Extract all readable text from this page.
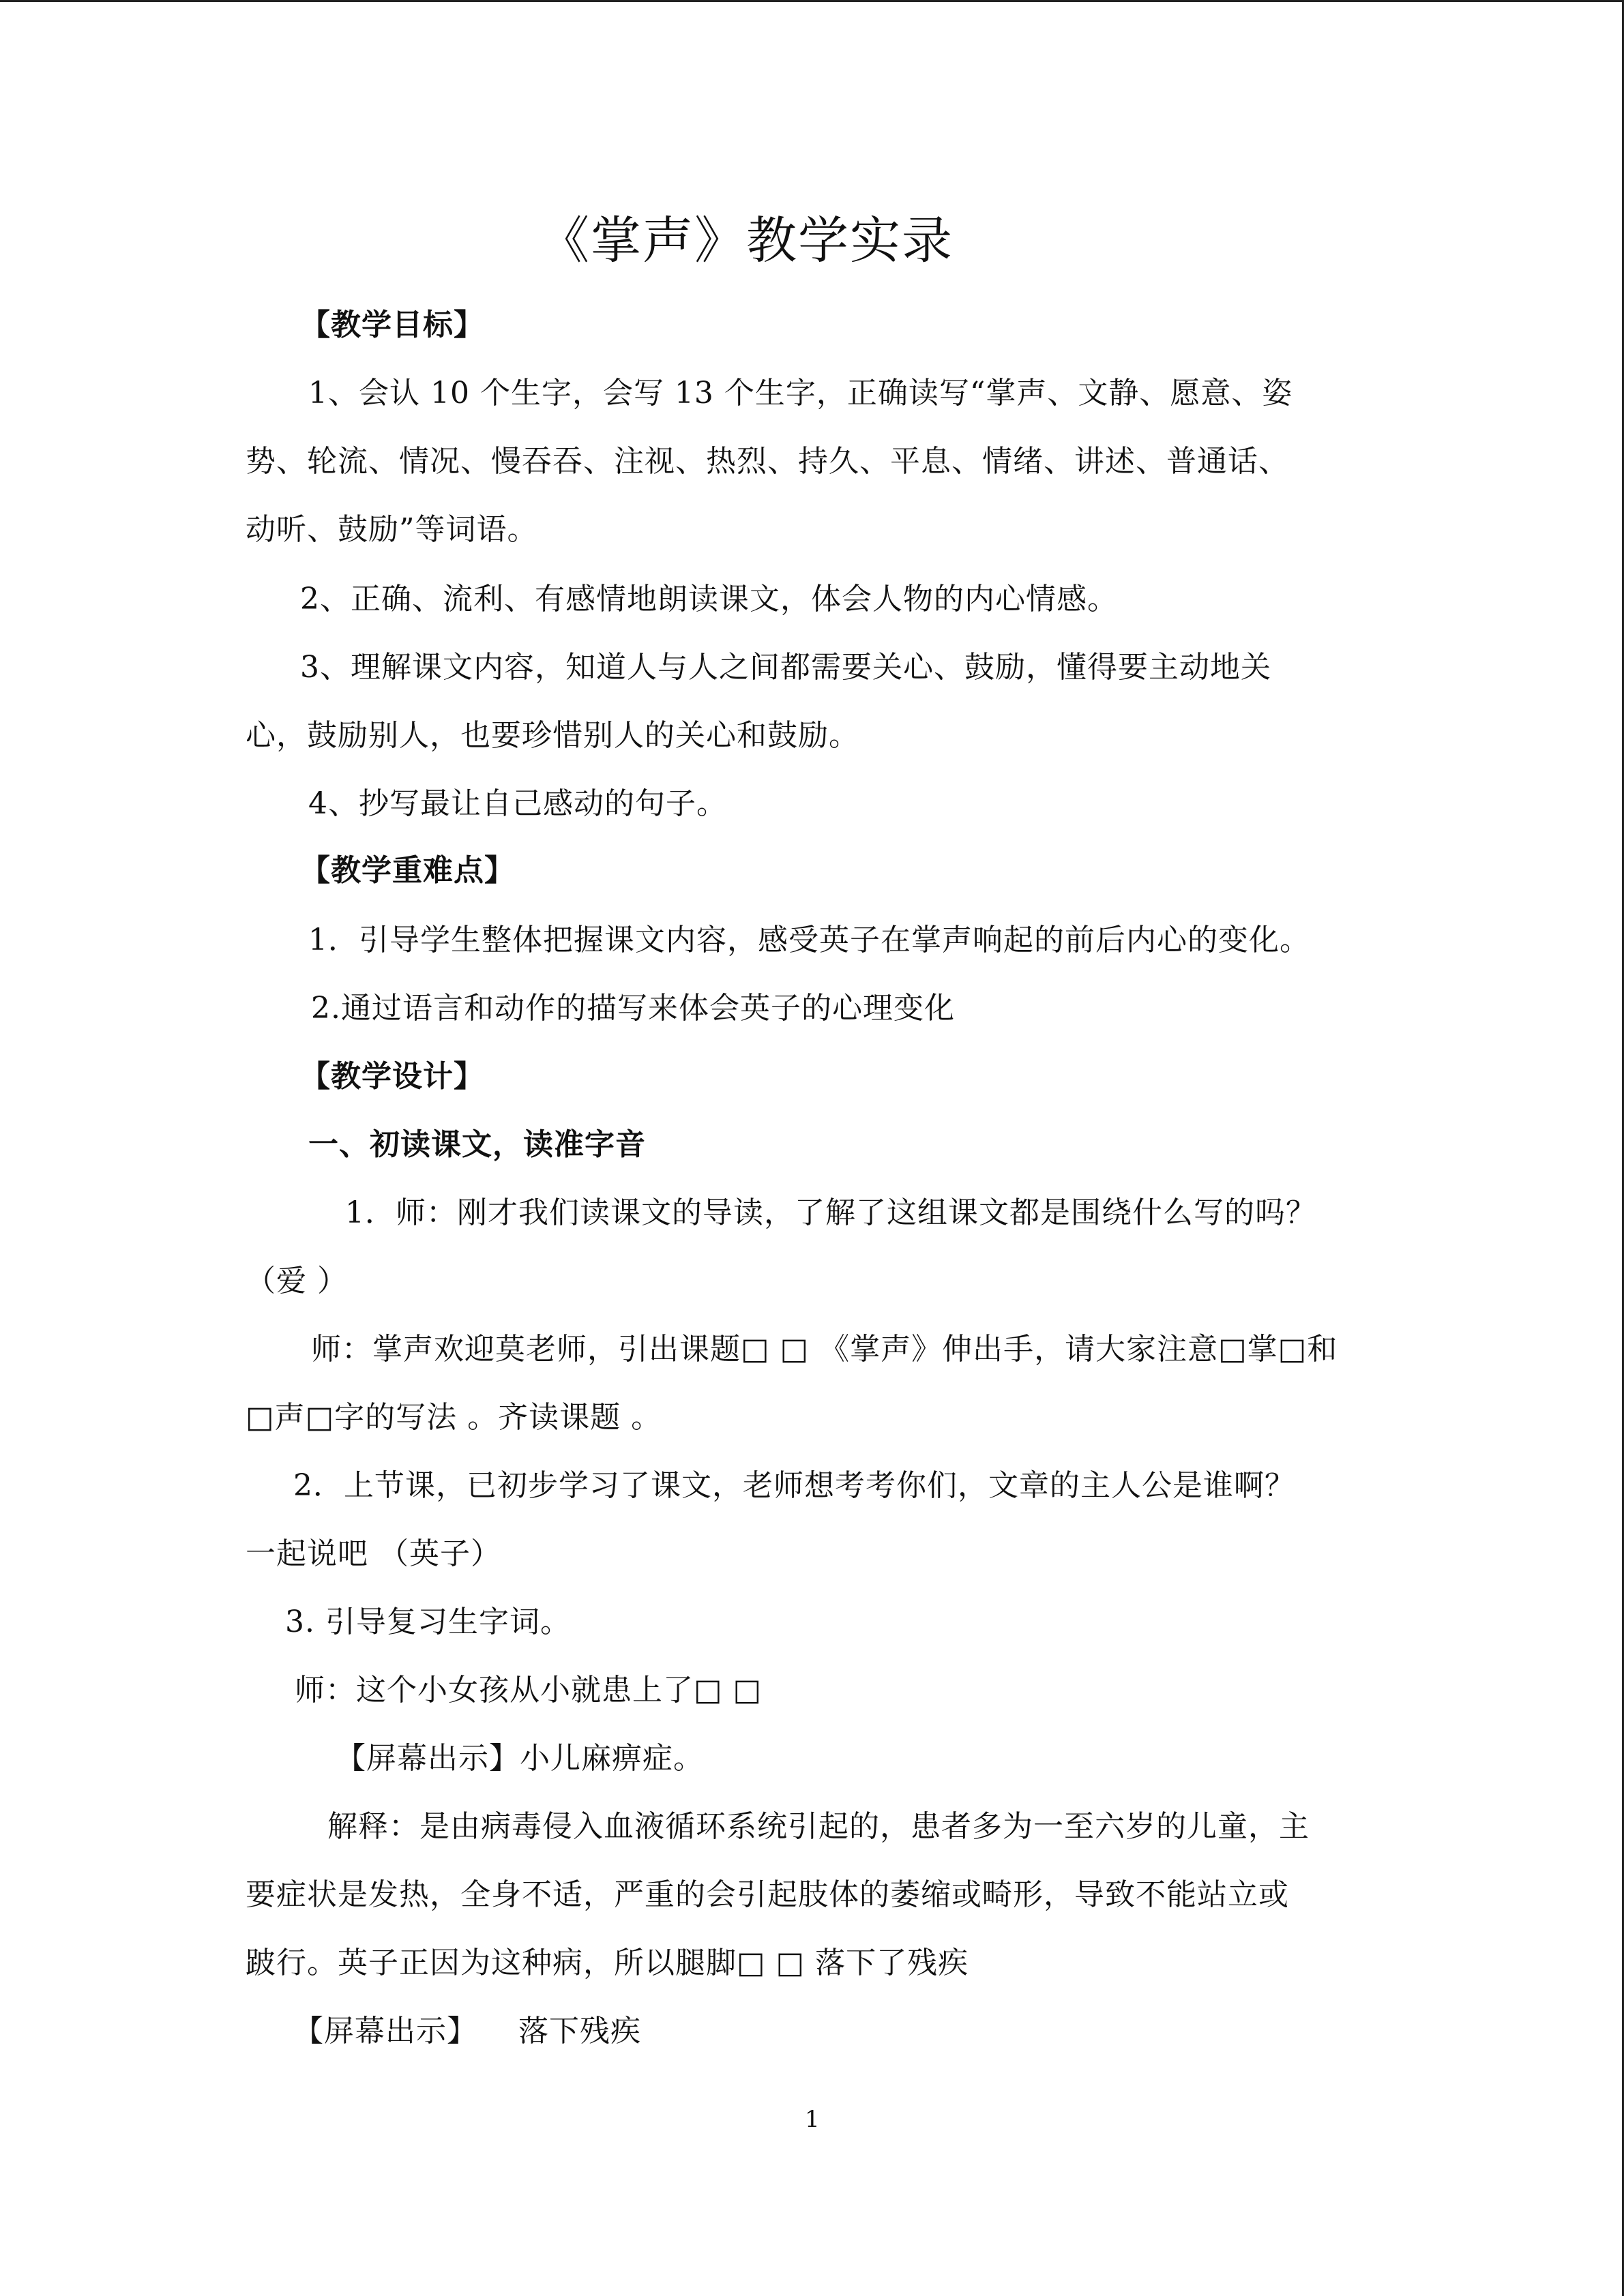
《掌声》教学实录
【教学目标】
1、会认 10 个生字，会写 13 个生字，正确读写“掌声、文静、愿意、姿
势、轮流、情况、慢吞吞、注视、热烈、持久、平息、情绪、讲述、普通话、
动听、鼓励”等词语。
2、正确、流利、有感情地朗读课文，体会人物的内心情感。
3、理解课文内容，知道人与人之间都需要关心、鼓励，懂得要主动地关
心，鼓励别人，也要珍惜别人的关心和鼓励。
4、抄写最让自己感动的句子。
【教学重难点】
1．引导学生整体把握课文内容，感受英子在掌声响起的前后内心的变化。
2.通过语言和动作的描写来体会英子的心理变化
【教学设计】
一、初读课文，读准字音
1．师：刚才我们读课文的导读，了解了这组课文都是围绕什么写的吗？
（爱 ）
师：掌声欢迎莫老师，引出课题□ □ 《掌声》伸出手，请大家注意□掌□和
□声□字的写法 。齐读课题 。
2．上节课，已初步学习了课文，老师想考考你们，文章的主人公是谁啊？
一起说吧 （英子）
3. 引导复习生字词。
师：这个小女孩从小就患上了□ □
【屏幕出示】小儿麻痹症。
解释：是由病毒侵入血液循环系统引起的，患者多为一至六岁的儿童，主
要症状是发热，全身不适，严重的会引起肢体的萎缩或畸形，导致不能站立或
跛行。英子正因为这种病，所以腿脚□ □ 落下了残疾
【屏幕出示】    落下残疾
1
